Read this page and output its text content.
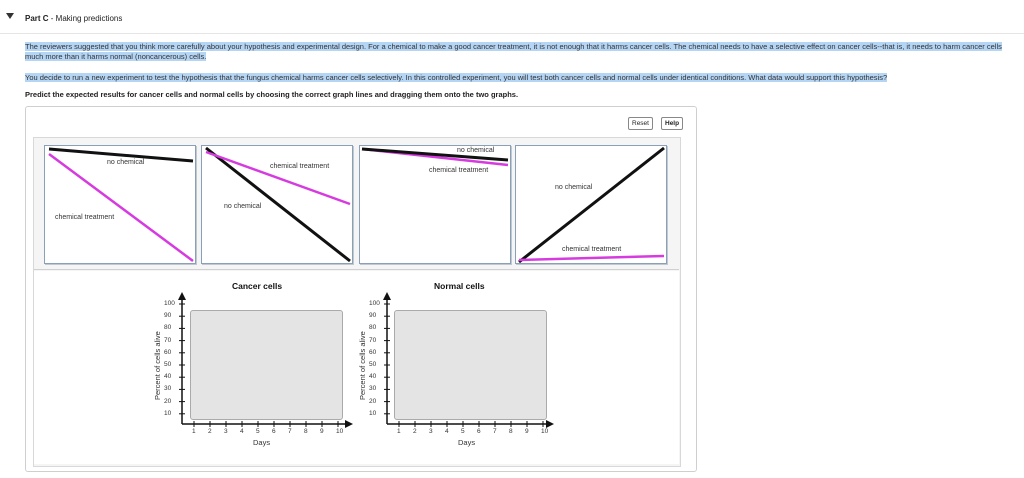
Part C - Making predictions
The reviewers suggested that you think more carefully about your hypothesis and experimental design. For a chemical to make a good cancer treatment, it is not enough that it harms cancer cells. The chemical needs to have a selective effect on cancer cells--that is, it needs to harm cancer cells much more than it harms normal (noncancerous) cells.
You decide to run a new experiment to test the hypothesis that the fungus chemical harms cancer cells selectively. In this controlled experiment, you will test both cancer cells and normal cells under identical conditions. What data would support this hypothesis?
Predict the expected results for cancer cells and normal cells by choosing the correct graph lines and dragging them onto the two graphs.
Reset	Help
no chemical
chemical treatment
chemical treatment
no chemical
no chemical
chemical treatment
no chemical
chemical treatment
Cancer cells
Percent of cells alive
Days
100
90
80
70
60
50
40
30
20
10
1 2 3 4 5 6 7 8 9 10
Normal cells
Percent of cells alive
Days
100
90
80
70
60
50
40
30
20
10
1 2 3 4 5 6 7 8 9 10
